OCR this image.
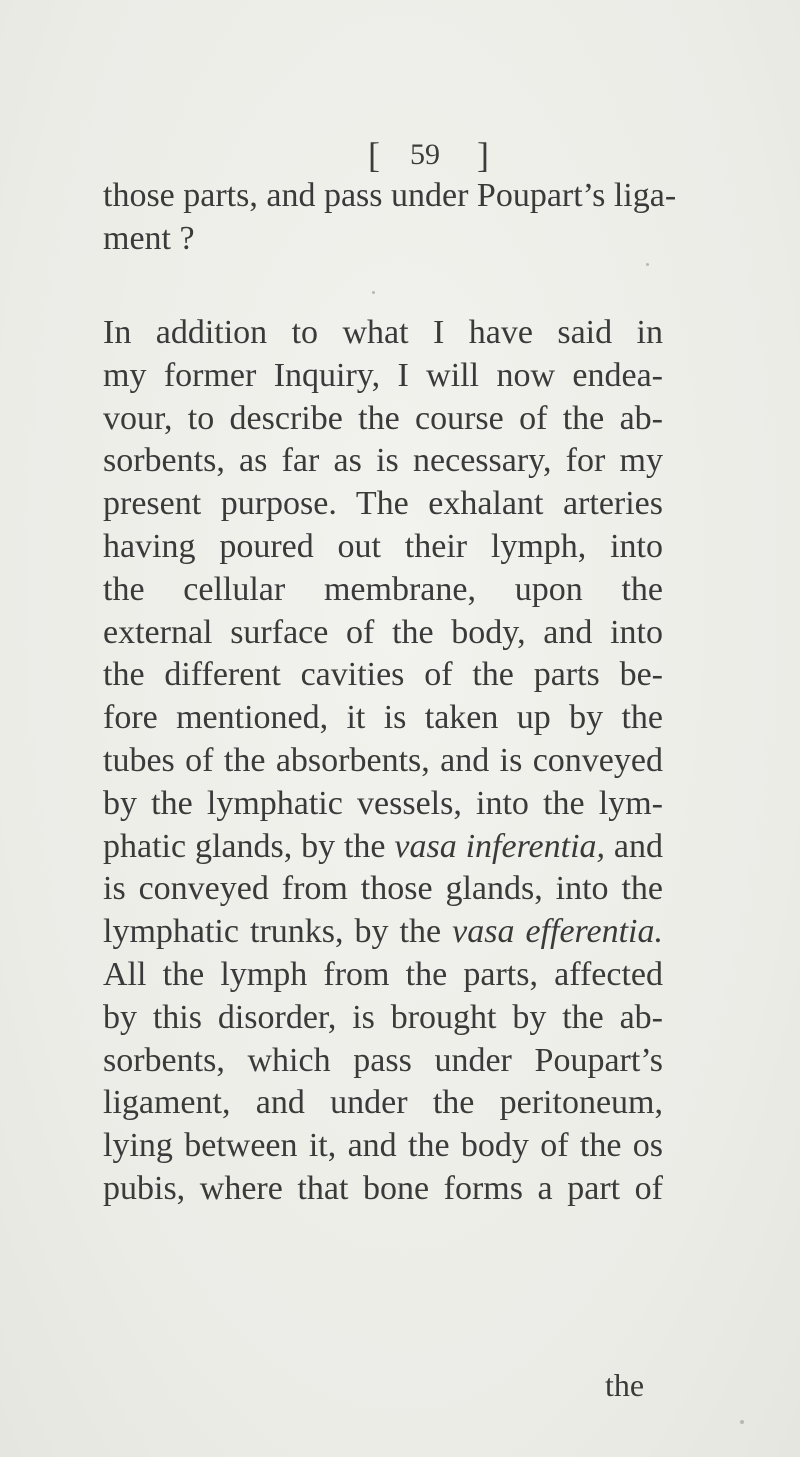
[ 59 ]
those parts, and pass under Poupart’s liga-
ment ?
In addition to what I have said in
my former Inquiry, I will now endea-
vour, to describe the course of the ab-
sorbents, as far as is necessary, for my
present purpose. The exhalant arteries
having poured out their lymph, into
the cellular membrane, upon the
external surface of the body, and into
the different cavities of the parts be-
fore mentioned, it is taken up by the
tubes of the absorbents, and is conveyed
by the lymphatic vessels, into the lym-
phatic glands, by the vasa inferentia, and
is conveyed from those glands, into the
lymphatic trunks, by the vasa efferentia.
All the lymph from the parts, affected
by this disorder, is brought by the ab-
sorbents, which pass under Poupart’s
ligament, and under the peritoneum,
lying between it, and the body of the os
pubis, where that bone forms a part of
the
